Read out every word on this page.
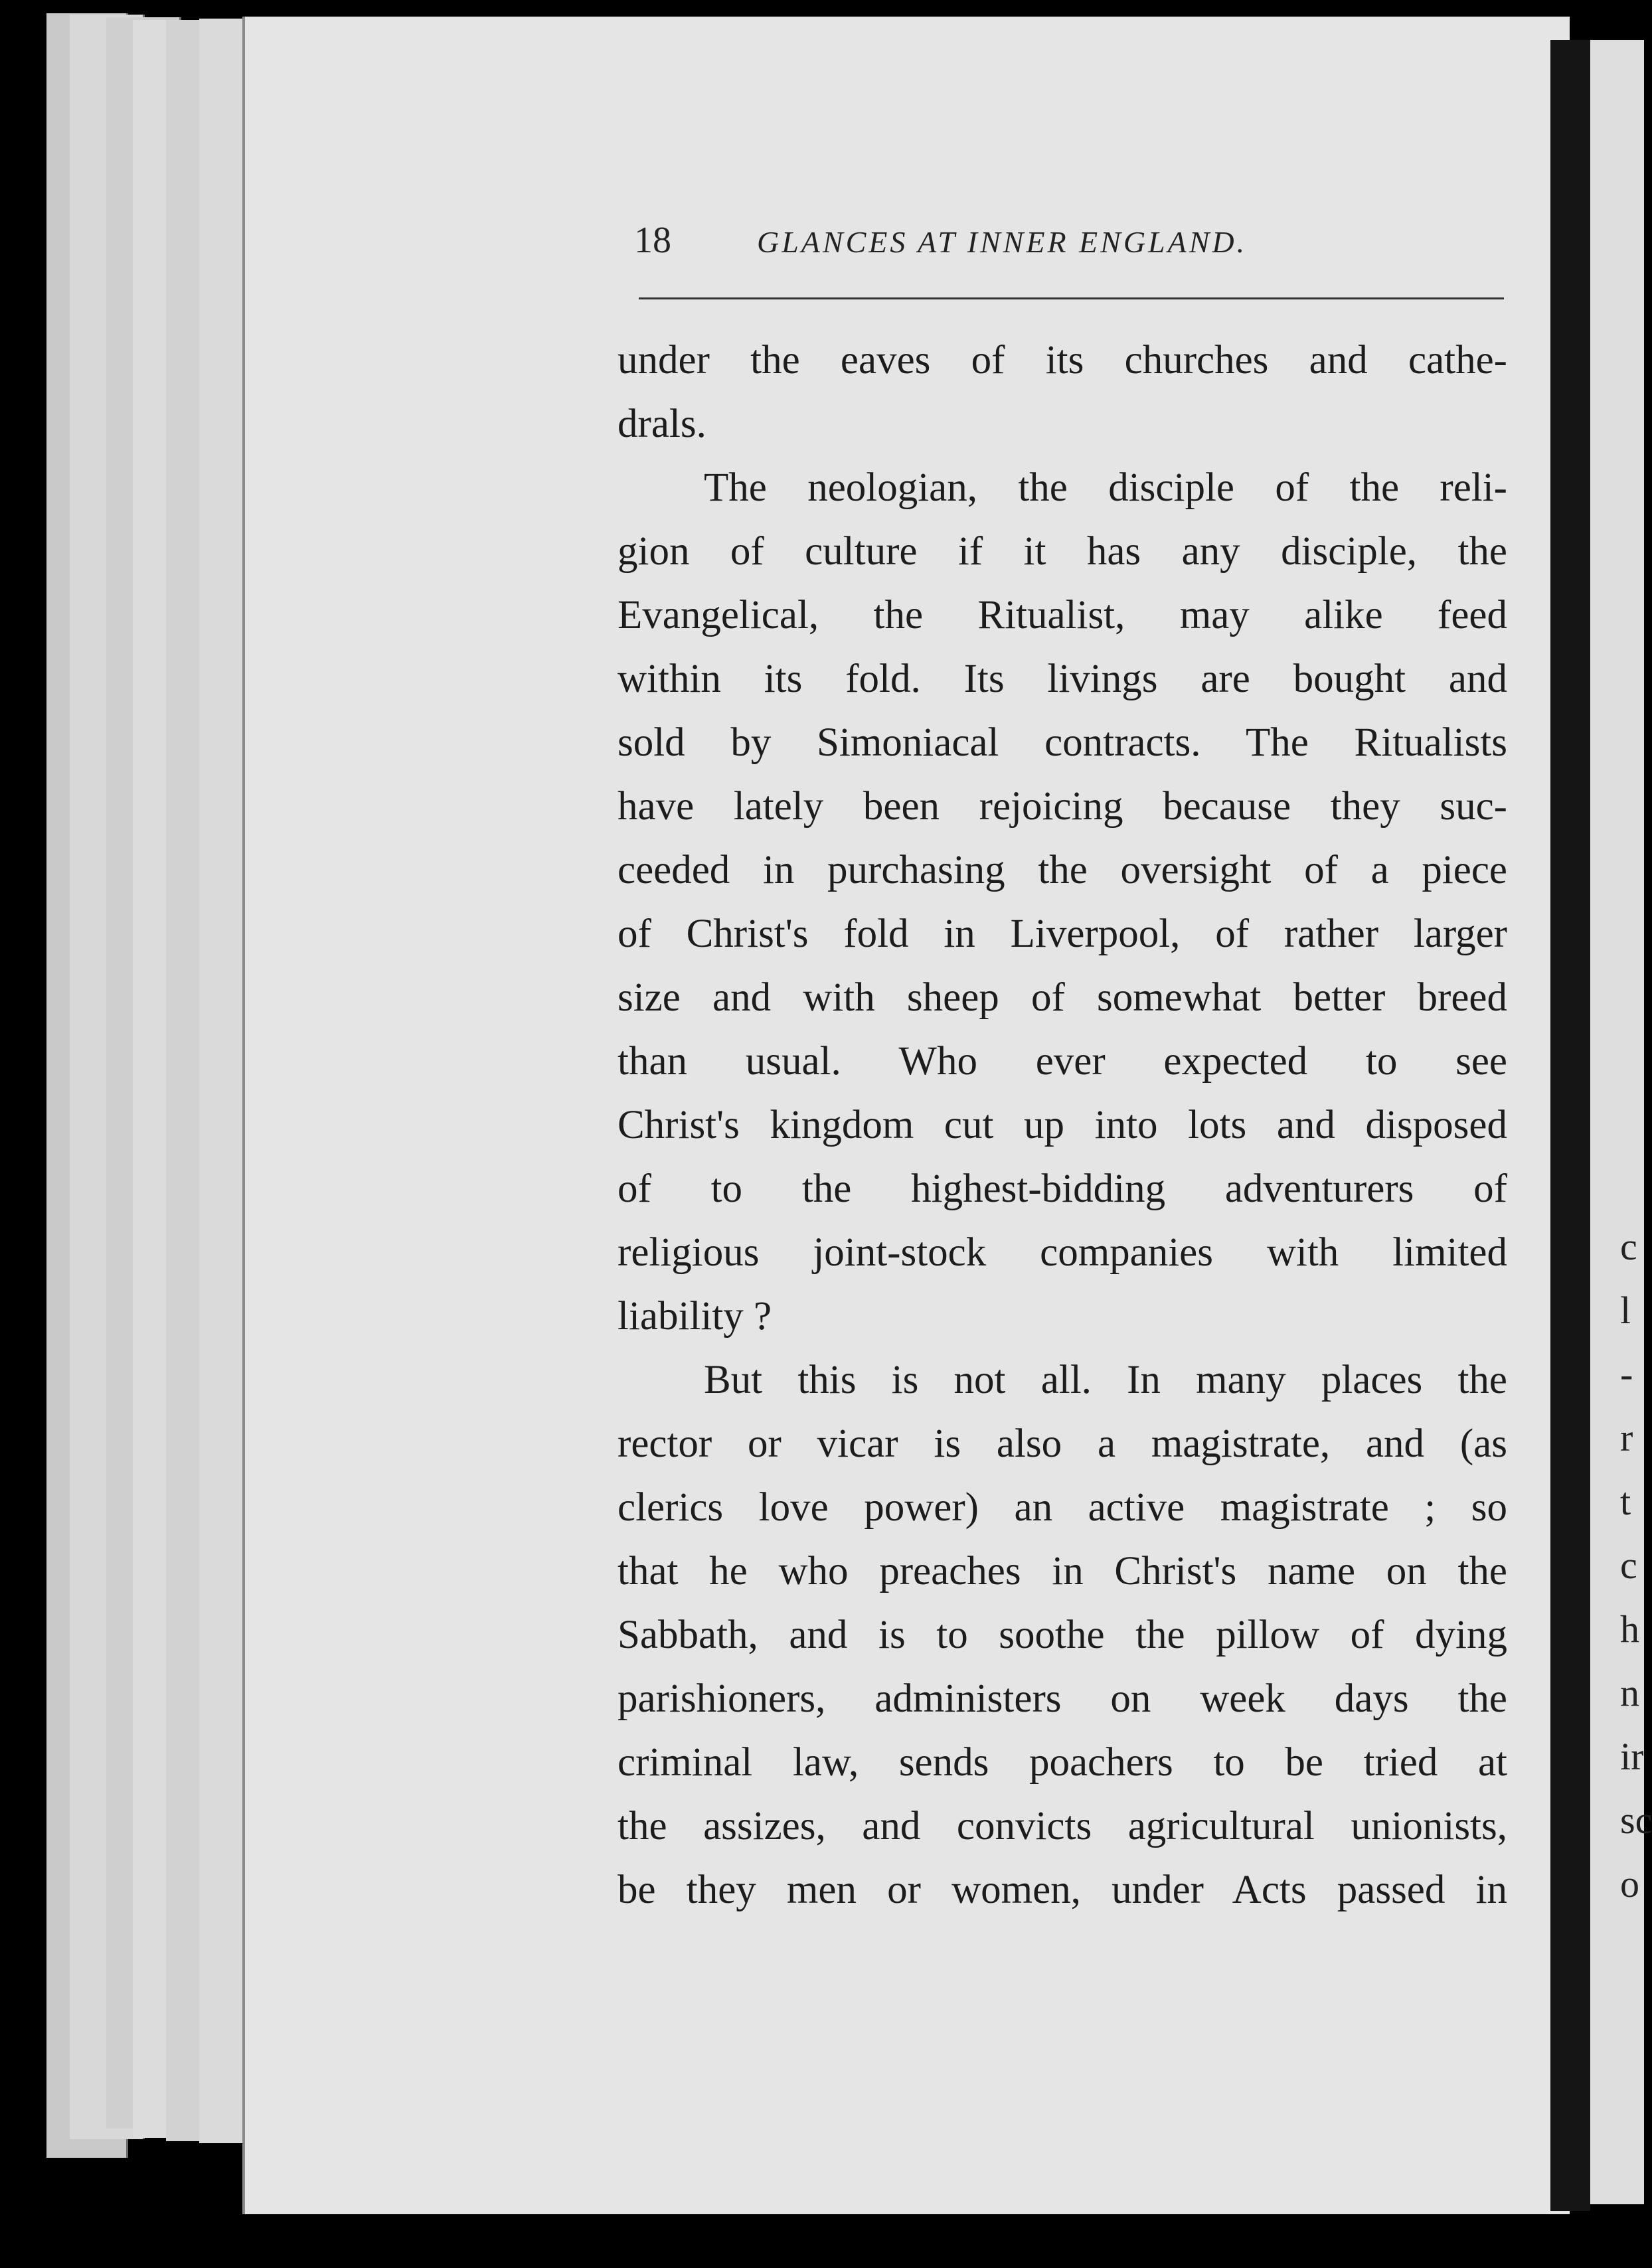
c
l
-
r
t
c
h
n
ir
sc
o
18	GLANCES AT INNER ENGLAND.
under the eaves of its churches and cathe-
drals.
The neologian, the disciple of the reli-
gion of culture if it has any disciple, the
Evangelical, the Ritualist, may alike feed
within its fold. Its livings are bought and
sold by Simoniacal contracts. The Ritualists
have lately been rejoicing because they suc-
ceeded in purchasing the oversight of a piece
of Christ's fold in Liverpool, of rather larger
size and with sheep of somewhat better breed
than usual. Who ever expected to see
Christ's kingdom cut up into lots and disposed
of to the highest-bidding adventurers of
religious joint-stock companies with limited
liability ?
But this is not all. In many places the
rector or vicar is also a magistrate, and (as
clerics love power) an active magistrate ; so
that he who preaches in Christ's name on the
Sabbath, and is to soothe the pillow of dying
parishioners, administers on week days the
criminal law, sends poachers to be tried at
the assizes, and convicts agricultural unionists,
be they men or women, under Acts passed in
